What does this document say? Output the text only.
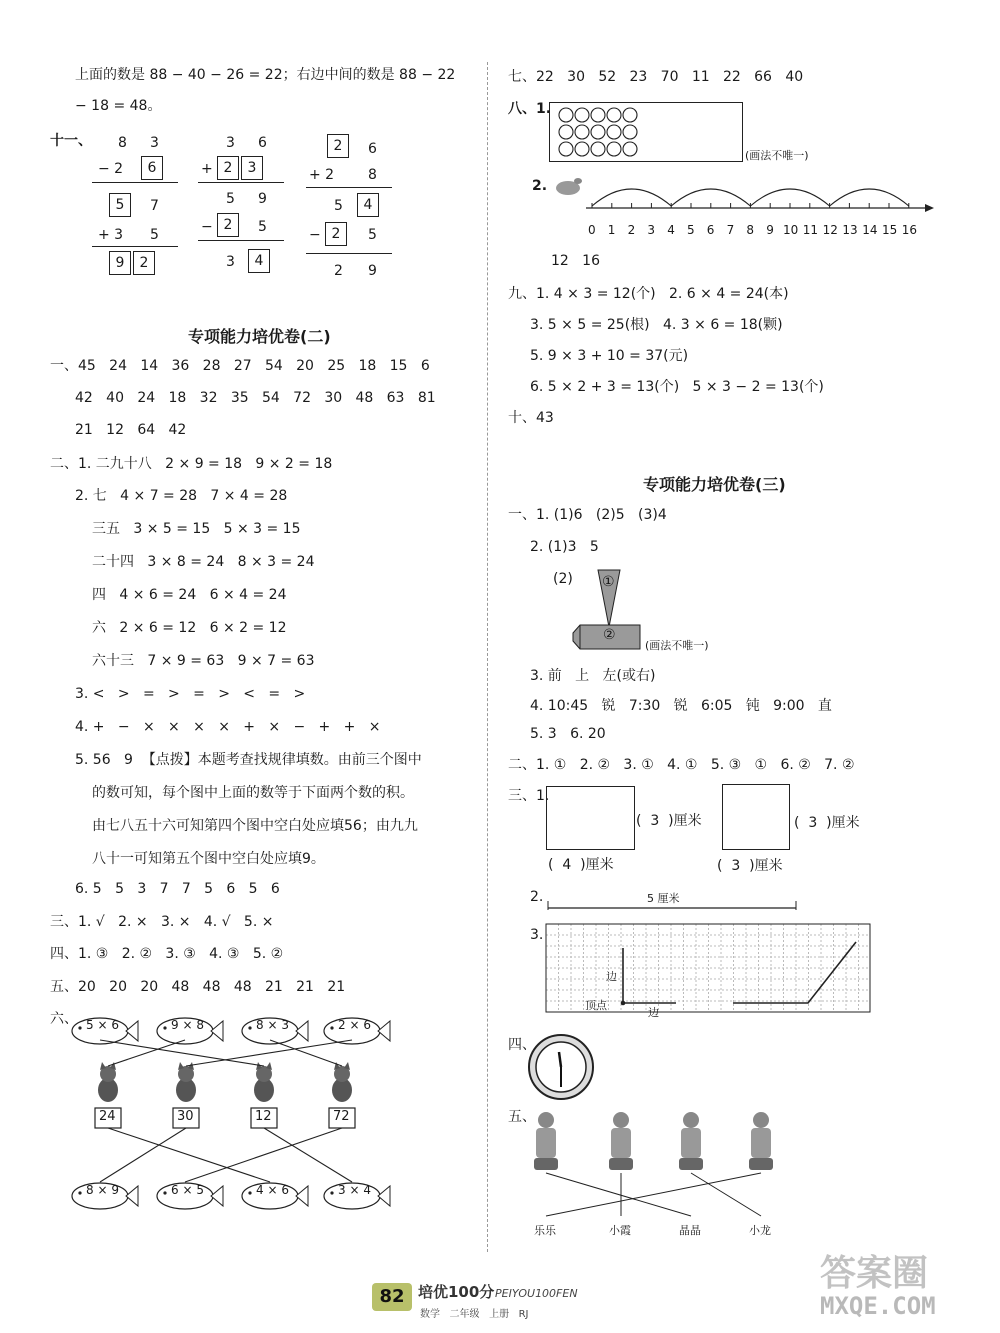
上面的数是 88 − 40 − 26 = 22；右边中间的数是 88 − 22
− 18 = 48。
十一、 8 3
− 2	6
5	7
+ 3 5
9 2
3 6
+ 2 3
5 9
− 2	5
3	4
2	6
+ 2 8
5	4
− 2	5
2 9
专项能力培优卷(二)
一、45   24   14   36   28   27   54   20   25   18   15   6
42   40   24   18   32   35   54   72   30   48   63   81
21   12   64   42
二、1. 二九十八   2 × 9 = 18   9 × 2 = 18
2. 七   4 × 7 = 28   7 × 4 = 28
三五   3 × 5 = 15   5 × 3 = 15
二十四   3 × 8 = 24   8 × 3 = 24
四   4 × 6 = 24   6 × 4 = 24
六   2 × 6 = 12   6 × 2 = 12
六十三   7 × 9 = 63   9 × 7 = 63
3. <   >   =   >   =   >   <   =   >
4. +   −   ×   ×   ×   ×   +   ×   −   +   +   ×
5. 56   9  【点拨】本题考查找规律填数。由前三个图中
的数可知，每个图中上面的数等于下面两个数的积。
由七八五十六可知第四个图中空白处应填56；由九九
八十一可知第五个图中空白处应填9。
6. 5   5   3   7   7   5   6   5   6
三、1. √   2. ×   3. ×   4. √   5. ×
四、1. ③   2. ②   3. ③   4. ③   5. ②
五、20   20   20   48   48   48   21   21   21
六、
七、22   30   52   23   70   11   22   66   40
八、1.
(画法不唯一)
2.
12   16
九、1. 4 × 3 = 12(个)   2. 6 × 4 = 24(本)
3. 5 × 5 = 25(根)   4. 3 × 6 = 18(颗)
5. 9 × 3 + 10 = 37(元)
6. 5 × 2 + 3 = 13(个)   5 × 3 − 2 = 13(个)
十、43
专项能力培优卷(三)
一、1. (1)6   (2)5   (3)4
2. (1)3   5
(2) ①
②
(画法不唯一)
3. 前   上   左(或右)
4. 10:45   锐   7:30   锐   6:05   钝   9:00   直
5. 3   6. 20
二、1. ①   2. ②   3. ①   4. ①   5. ③   ①   6. ②   7. ②
三、1.
(  3  )厘米
(  4  )厘米
(  3  )厘米
(  3  )厘米
2.	5 厘米
3.
边
顶点
边
四、
五、
82 培优100分 PEIYOU100FEN
数学   二年级   上册   RJ
答案圈
MXQE.COM
5 × 6	9 × 8	8 × 3	2 × 6
8 × 9	6 × 5	4 × 6	3 × 4
24	30	12	72
0 1 2 3 4 5 6 7 8 9 10 11 12 13 14 15 16
乐乐	小霞	晶晶	小龙
